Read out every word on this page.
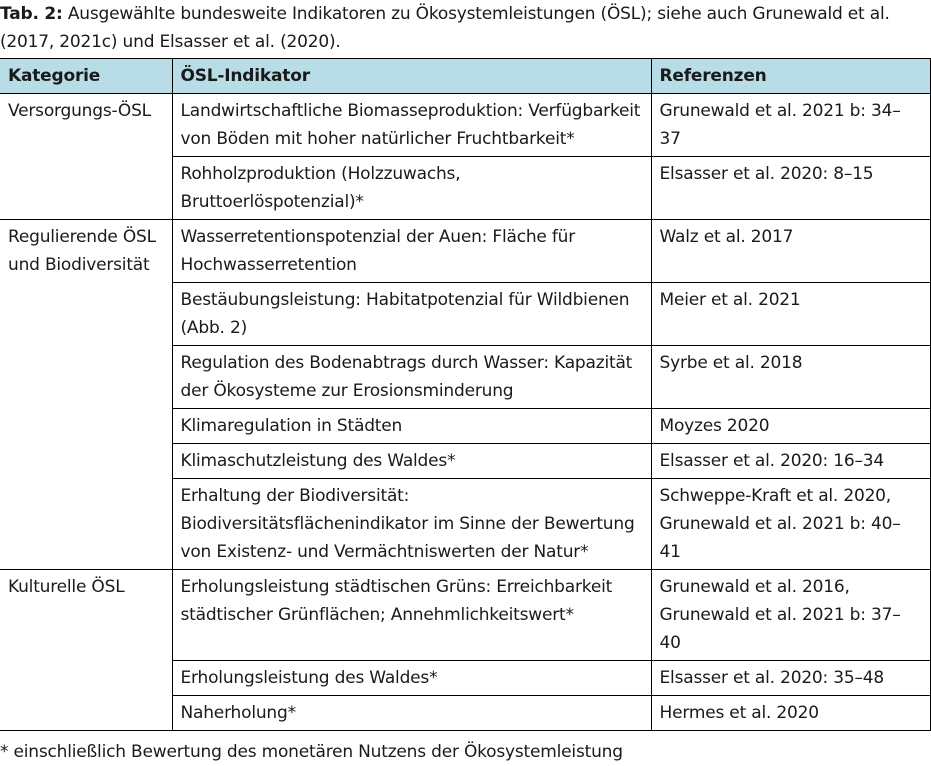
Tab. 2: Ausgewählte bundesweite Indikatoren zu Ökosystemleistungen (ÖSL); siehe auch Grunewald et al. (2017, 2021c) und Elsasser et al. (2020).
Kategorie	ÖSL-Indikator	Referenzen
Versorgungs-ÖSL	Landwirtschaftliche Biomasseproduktion: Verfügbarkeit von Böden mit hoher natürlicher Fruchtbarkeit*	Grunewald et al. 2021 b: 34–37
	Rohholzproduktion (Holzzuwachs, Bruttoerlöspotenzial)*	Elsasser et al. 2020: 8–15
Regulierende ÖSL und Biodiversität	Wasserretentionspotenzial der Auen: Fläche für Hochwasserretention	Walz et al. 2017
	Bestäubungsleistung: Habitatpotenzial für Wildbienen (Abb. 2)	Meier et al. 2021
	Regulation des Bodenabtrags durch Wasser: Kapazität der Ökosysteme zur Erosionsminderung	Syrbe et al. 2018
	Klimaregulation in Städten	Moyzes 2020
	Klimaschutzleistung des Waldes*	Elsasser et al. 2020: 16–34
	Erhaltung der Biodiversität: Biodiversitätsflächenindikator im Sinne der Bewertung von Existenz- und Vermächtniswerten der Natur*	Schweppe-Kraft et al. 2020, Grunewald et al. 2021 b: 40–41
Kulturelle ÖSL	Erholungsleistung städtischen Grüns: Erreichbarkeit städtischer Grünflächen; Annehmlichkeitswert*	Grunewald et al. 2016, Grunewald et al. 2021 b: 37–40
	Erholungsleistung des Waldes*	Elsasser et al. 2020: 35–48
	Naherholung*	Hermes et al. 2020
* einschließlich Bewertung des monetären Nutzens der Ökosystemleistung
